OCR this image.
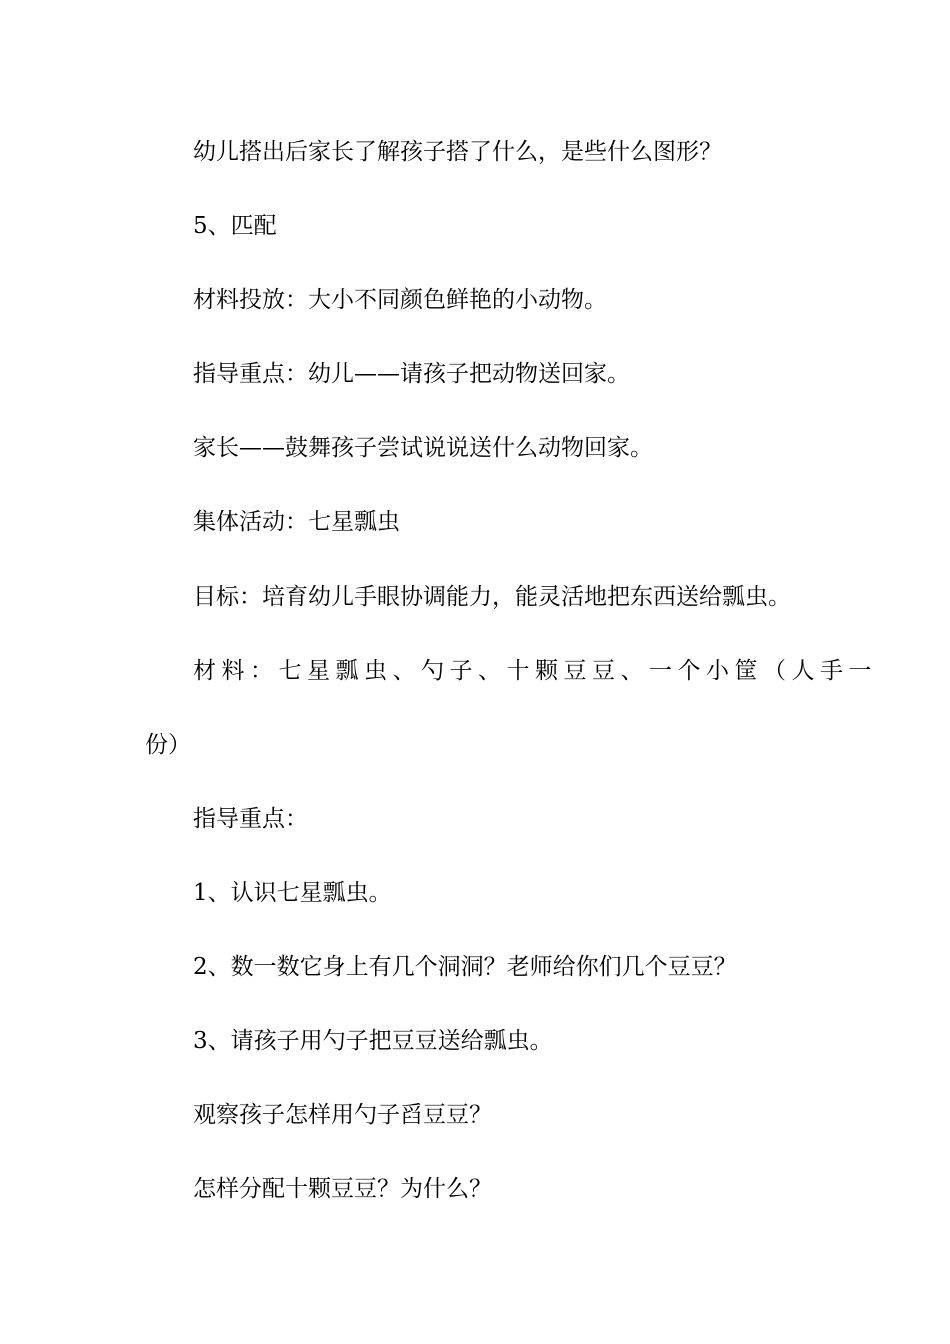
幼儿搭出后家长了解孩子搭了什么，是些什么图形？
5、匹配
材料投放：大小不同颜色鲜艳的小动物。
指导重点：幼儿——请孩子把动物送回家。
家长——鼓舞孩子尝试说说送什么动物回家。
集体活动：七星瓢虫
目标：培育幼儿手眼协调能力，能灵活地把东西送给瓢虫。
材料：七星瓢虫、勺子、十颗豆豆、一个小筐（人手一
份）
指导重点：
1、认识七星瓢虫。
2、数一数它身上有几个洞洞？老师给你们几个豆豆？
3、请孩子用勺子把豆豆送给瓢虫。
观察孩子怎样用勺子舀豆豆？
怎样分配十颗豆豆？为什么？
